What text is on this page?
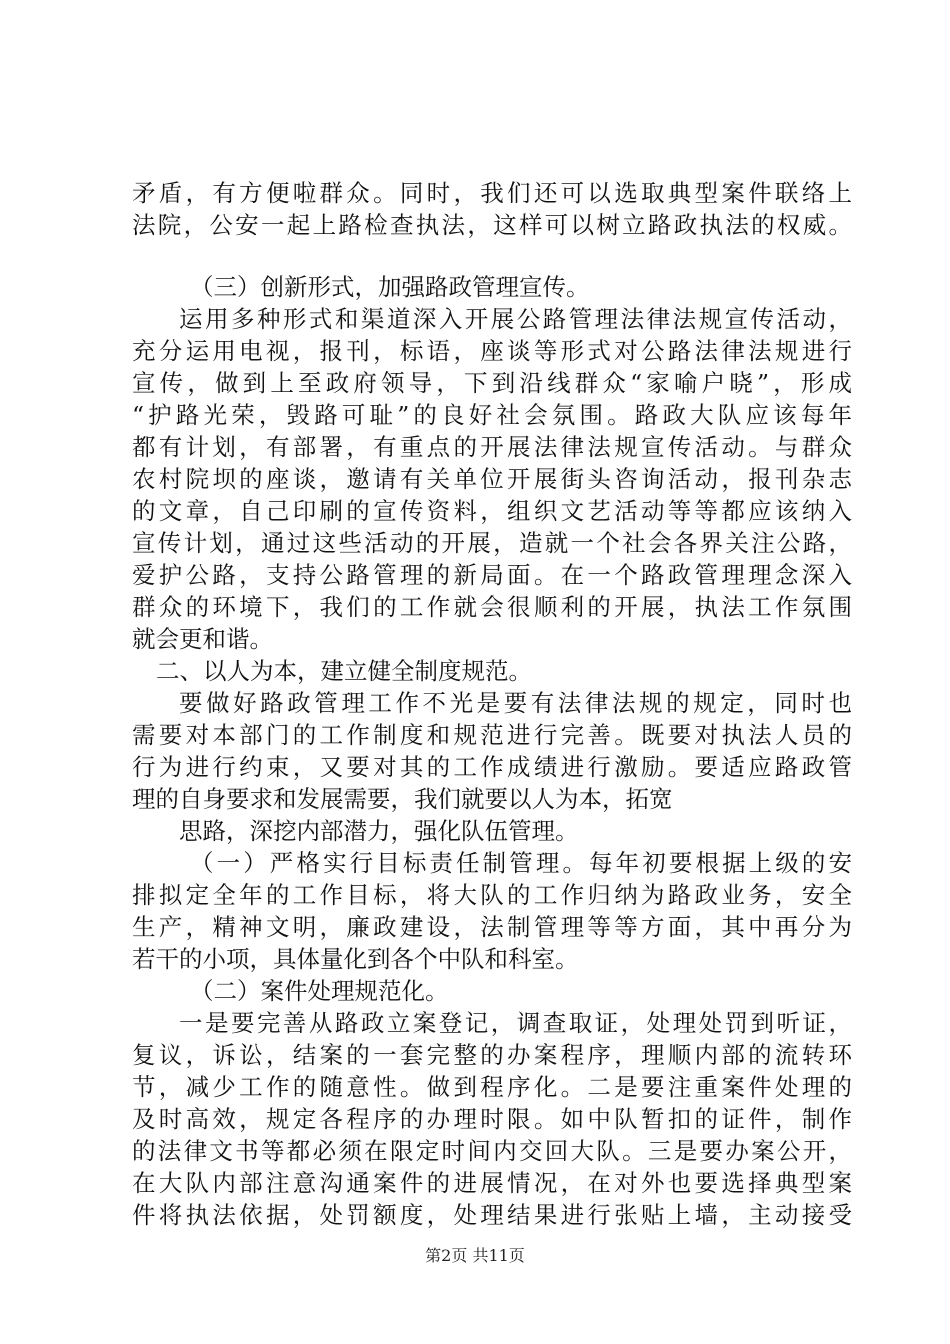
矛盾，有方便啦群众。同时，我们还可以选取典型案件联络上
法院，公安一起上路检查执法，这样可以树立路政执法的权威。
（三）创新形式，加强路政管理宣传。
运用多种形式和渠道深入开展公路管理法律法规宣传活动，
充分运用电视，报刊，标语，座谈等形式对公路法律法规进行
宣传，做到上至政府领导，下到沿线群众“家喻户晓”，形成
“护路光荣，毁路可耻”的良好社会氛围。路政大队应该每年
都有计划，有部署，有重点的开展法律法规宣传活动。与群众
农村院坝的座谈，邀请有关单位开展街头咨询活动，报刊杂志
的文章，自己印刷的宣传资料，组织文艺活动等等都应该纳入
宣传计划，通过这些活动的开展，造就一个社会各界关注公路，
爱护公路，支持公路管理的新局面。在一个路政管理理念深入
群众的环境下，我们的工作就会很顺利的开展，执法工作氛围
就会更和谐。
二、以人为本，建立健全制度规范。
要做好路政管理工作不光是要有法律法规的规定，同时也
需要对本部门的工作制度和规范进行完善。既要对执法人员的
行为进行约束，又要对其的工作成绩进行激励。要适应路政管
理的自身要求和发展需要，我们就要以人为本，拓宽
思路，深挖内部潜力，强化队伍管理。
（一）严格实行目标责任制管理。每年初要根据上级的安
排拟定全年的工作目标，将大队的工作归纳为路政业务，安全
生产，精神文明，廉政建设，法制管理等等方面，其中再分为
若干的小项，具体量化到各个中队和科室。
（二）案件处理规范化。
一是要完善从路政立案登记，调查取证，处理处罚到听证，
复议，诉讼，结案的一套完整的办案程序，理顺内部的流转环
节，减少工作的随意性。做到程序化。二是要注重案件处理的
及时高效，规定各程序的办理时限。如中队暂扣的证件，制作
的法律文书等都必须在限定时间内交回大队。三是要办案公开，
在大队内部注意沟通案件的进展情况，在对外也要选择典型案
件将执法依据，处罚额度，处理结果进行张贴上墙，主动接受
第2页 共11页
